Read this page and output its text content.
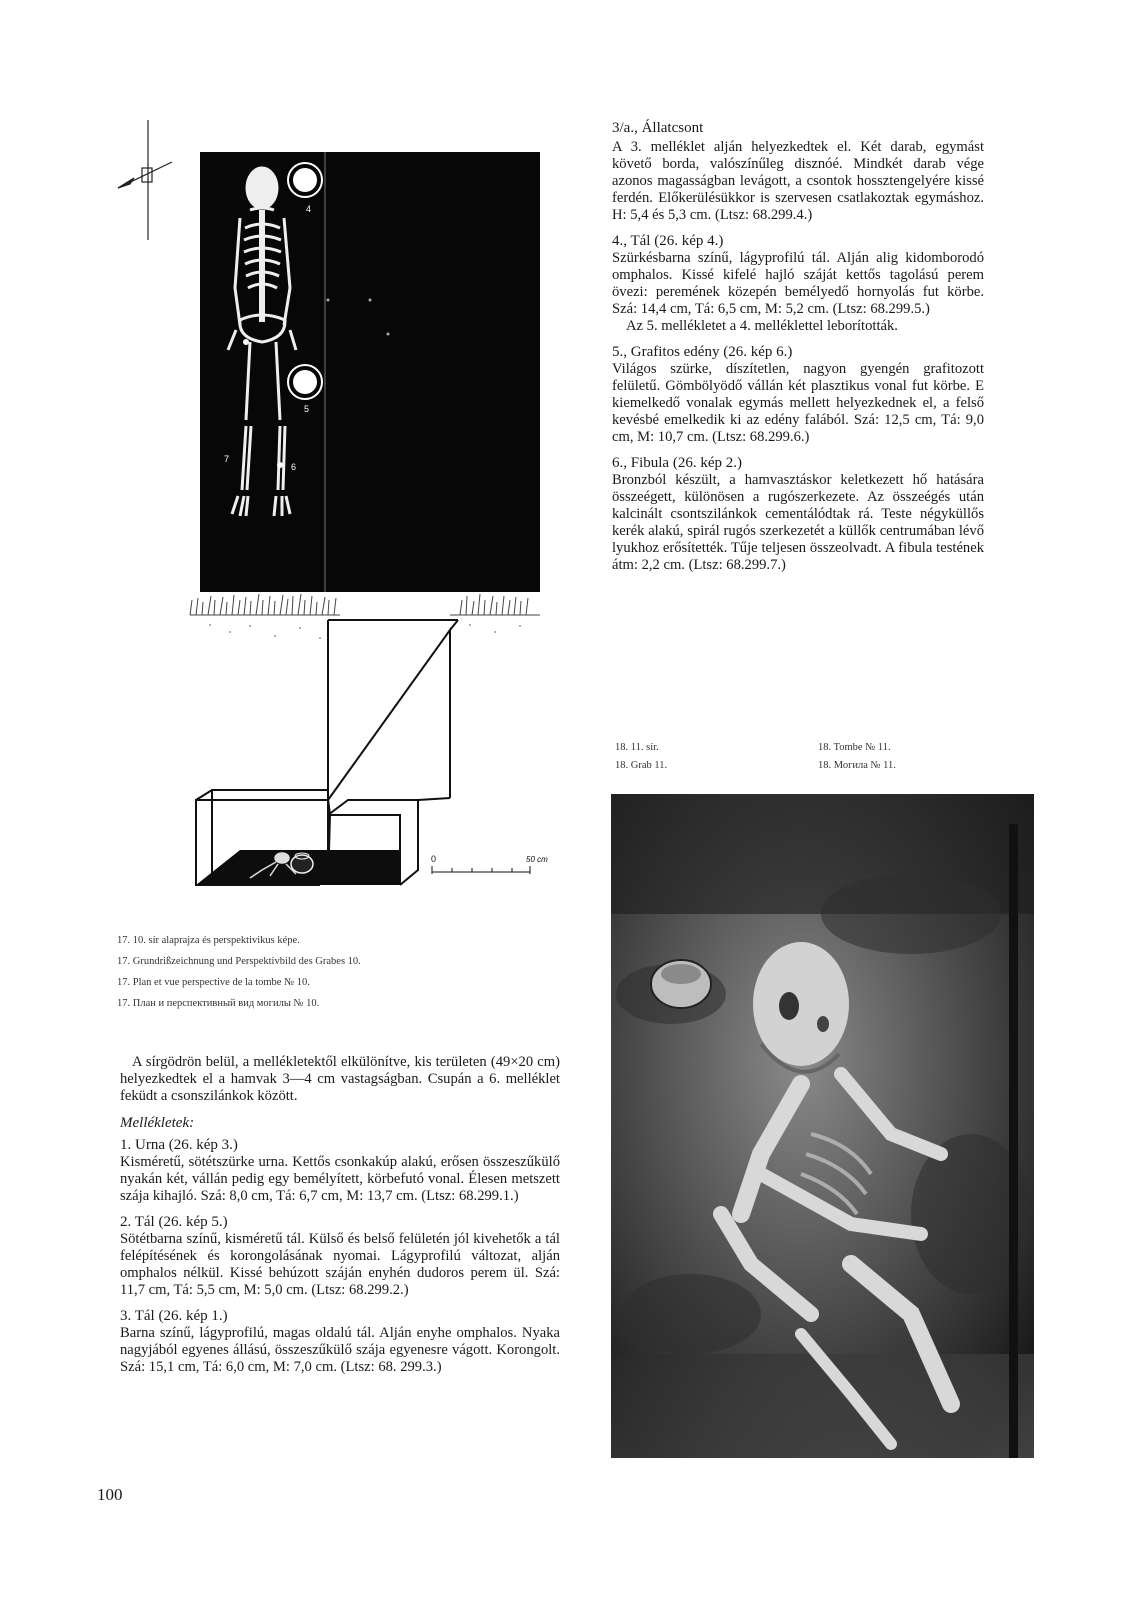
4
5
6
7
0	50 cm

3/a., Állatcsont

A 3. melléklet alján helyezkedtek el. Két darab, egymást követő borda, valószínűleg disznóé. Mindkét darab vége azonos magasságban levágott, a csontok hossztengelyére kissé ferdén. Előkerülésükkor is szervesen csatlakoztak egymáshoz. H: 5,4 és 5,3 cm. (Ltsz: 68.299.4.)

4., Tál (26. kép 4.)

Szürkésbarna színű, lágyprofilú tál. Alján alig kidomborodó omphalos. Kissé kifelé hajló száját kettős tagolású perem övezi: peremének közepén bemélyedő hornyolás fut körbe. Szá: 14,4 cm, Tá: 6,5 cm, M: 5,2 cm. (Ltsz: 68.299.5.)

Az 5. mellékletet a 4. melléklettel leborították.

5., Grafitos edény (26. kép 6.)

Világos szürke, díszítetlen, nagyon gyengén grafitozott felületű. Gömbölyödő vállán két plasztikus vonal fut körbe. E kiemelkedő vonalak egymás mellett helyezkednek el, a felső kevésbé emelkedik ki az edény falából. Szá: 12,5 cm, Tá: 9,0 cm, M: 10,7 cm. (Ltsz: 68.299.6.)

6., Fibula (26. kép 2.)

Bronzból készült, a hamvasztáskor keletkezett hő hatására összeégett, különösen a rugószerkezete. Az összeégés után kalcinált csontszilánkok cementálódtak rá. Teste négyküllős kerék alakú, spirál rugós szerkezetét a küllők centrumában lévő lyukhoz erősítették. Tűje teljesen összeolvadt. A fibula testének átm: 2,2 cm. (Ltsz: 68.299.7.)

18. 11. sír.	18. Tombe № 11.
18. Grab 11.	18. Могила № 11.

17. 10. sír alaprajza és perspektivikus képe.

17. Grundrißzeichnung und Perspektivbild des Grabes 10.

17. Plan et vue perspective de la tombe № 10.

17. План и перспективный вид могилы № 10.

A sírgödrön belül, a mellékletektől elkülönítve, kis területen (49×20 cm) helyezkedtek el a hamvak 3—4 cm vastagságban. Csupán a 6. melléklet feküdt a csonszilánkok között.

Mellékletek:

1. Urna (26. kép 3.)

Kisméretű, sötétszürke urna. Kettős csonkakúp alakú, erősen összeszűkülő nyakán két, vállán pedig egy bemélyített, körbefutó vonal. Élesen metszett szája kihajló. Szá: 8,0 cm, Tá: 6,7 cm, M: 13,7 cm. (Ltsz: 68.299.1.)

2. Tál (26. kép 5.)

Sötétbarna színű, kisméretű tál. Külső és belső felületén jól kivehetők a tál felépítésének és korongolásának nyomai. Lágyprofilú változat, alján omphalos nélkül. Kissé behúzott száján enyhén dudoros perem ül. Szá: 11,7 cm, Tá: 5,5 cm, M: 5,0 cm. (Ltsz: 68.299.2.)

3. Tál (26. kép 1.)

Barna színű, lágyprofilú, magas oldalú tál. Alján enyhe omphalos. Nyaka nagyjából egyenes állású, összeszűkülő szája egyenesre vágott. Korongolt. Szá: 15,1 cm, Tá: 6,0 cm, M: 7,0 cm. (Ltsz: 68. 299.3.)

100
